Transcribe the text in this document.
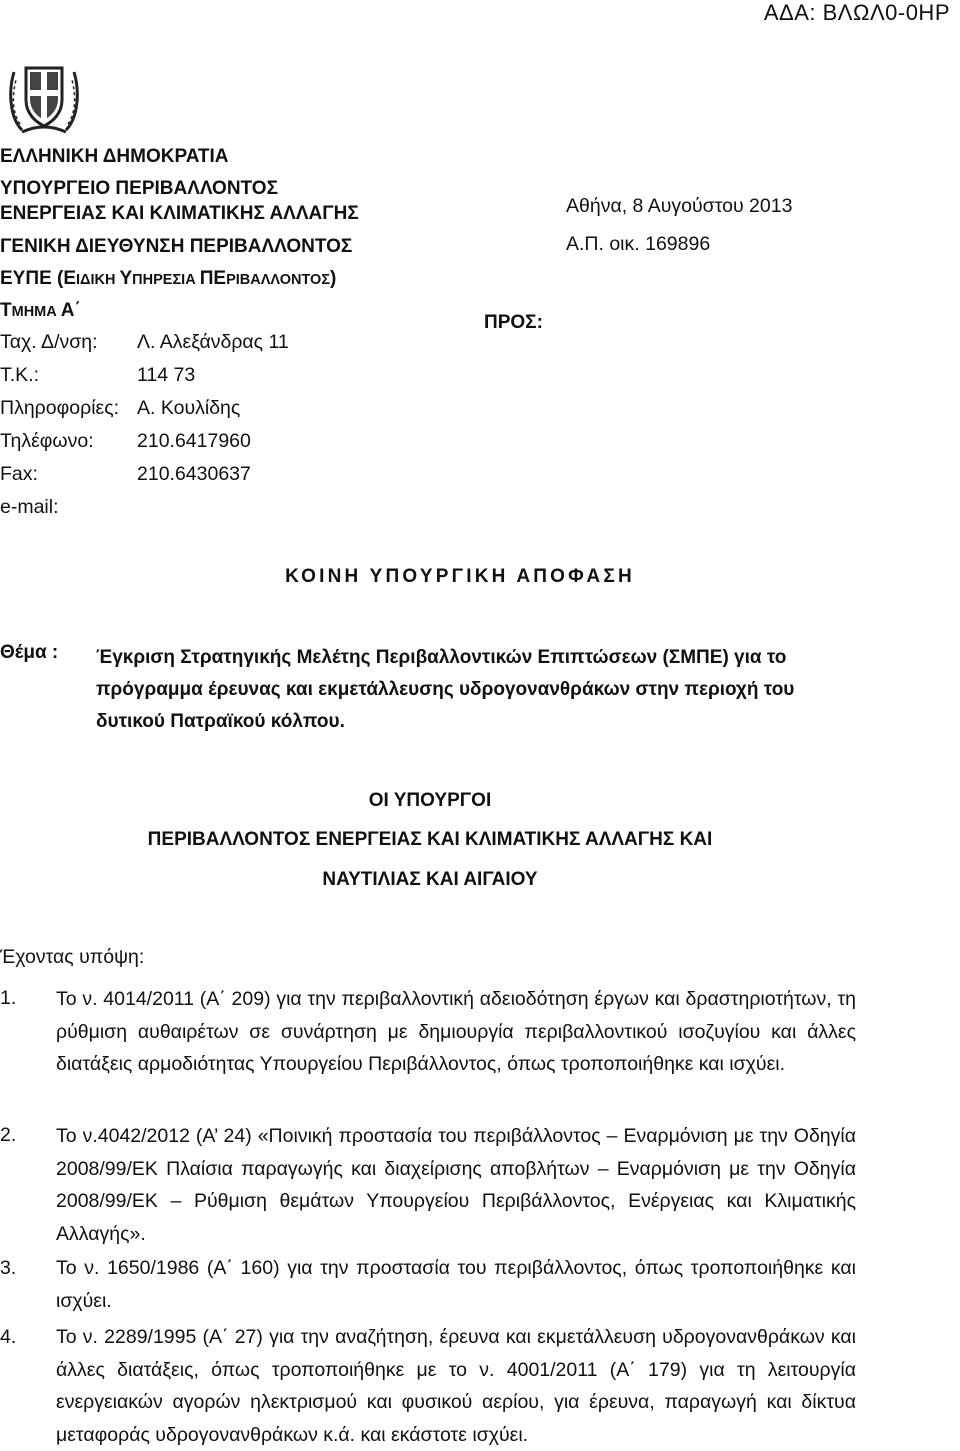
ΑΔΑ: ΒΛΩΛ0-0ΗΡ
ΕΛΛΗΝΙΚΗ ΔΗΜΟΚΡΑΤΙΑ
ΥΠΟΥΡΓΕΙΟ ΠΕΡΙΒΑΛΛΟΝΤΟΣ
ΕΝΕΡΓΕΙΑΣ ΚΑΙ ΚΛΙΜΑΤΙΚΗΣ ΑΛΛΑΓΗΣ
ΓΕΝΙΚΗ ΔΙΕΥΘΥΝΣΗ ΠΕΡΙΒΑΛΛΟΝΤΟΣ
ΕΥΠΕ (ΕΙΔΙΚΗ ΥΠΗΡΕΣΙΑ ΠΕΡΙΒΑΛΛΟΝΤΟΣ)
ΤΜΗΜΑ Α΄
Ταχ. Δ/νση: Λ. Αλεξάνδρας 11
Τ.Κ.:	114 73
Πληροφορίες: Α. Κουλίδης
Τηλέφωνο: 210.6417960
Fax:	210.6430637
e-mail:
Αθήνα, 8 Αυγούστου 2013
Α.Π. οικ. 169896
ΠΡΟΣ:
ΚΟΙΝΗ ΥΠΟΥΡΓΙΚΗ ΑΠΟΦΑΣΗ
Θέμα : Έγκριση Στρατηγικής Μελέτης Περιβαλλοντικών Επιπτώσεων (ΣΜΠΕ) για το πρόγραμμα έρευνας και εκμετάλλευσης υδρογονανθράκων στην περιοχή του δυτικού Πατραϊκού κόλπου.
ΟΙ ΥΠΟΥΡΓΟΙ
ΠΕΡΙΒΑΛΛΟΝΤΟΣ ΕΝΕΡΓΕΙΑΣ ΚΑΙ ΚΛΙΜΑΤΙΚΗΣ ΑΛΛΑΓΗΣ ΚΑΙ
ΝΑΥΤΙΛΙΑΣ ΚΑΙ ΑΙΓΑΙΟΥ
Έχοντας υπόψη:
1. Το ν. 4014/2011 (Α΄ 209) για την περιβαλλοντική αδειοδότηση έργων και δραστηριοτήτων, τη ρύθμιση αυθαιρέτων σε συνάρτηση με δημιουργία περιβαλλοντικού ισοζυγίου και άλλες διατάξεις αρμοδιότητας Υπουργείου Περιβάλλοντος, όπως τροποποιήθηκε και ισχύει.
2. Το ν.4042/2012 (Α’ 24) «Ποινική προστασία του περιβάλλοντος – Εναρμόνιση με την Οδηγία 2008/99/ΕΚ Πλαίσια παραγωγής και διαχείρισης αποβλήτων – Εναρμόνιση με την Οδηγία 2008/99/ΕΚ – Ρύθμιση θεμάτων Υπουργείου Περιβάλλοντος, Ενέργειας και Κλιματικής Αλλαγής».
3. Το ν. 1650/1986 (Α΄ 160) για την προστασία του περιβάλλοντος, όπως τροποποιήθηκε και ισχύει.
4. Το ν. 2289/1995 (Α΄ 27) για την αναζήτηση, έρευνα και εκμετάλλευση υδρογονανθράκων και άλλες διατάξεις, όπως τροποποιήθηκε με το ν. 4001/2011 (Α΄ 179) για τη λειτουργία ενεργειακών αγορών ηλεκτρισμού και φυσικού αερίου, για έρευνα, παραγωγή και δίκτυα μεταφοράς υδρογονανθράκων κ.ά. και εκάστοτε ισχύει.
